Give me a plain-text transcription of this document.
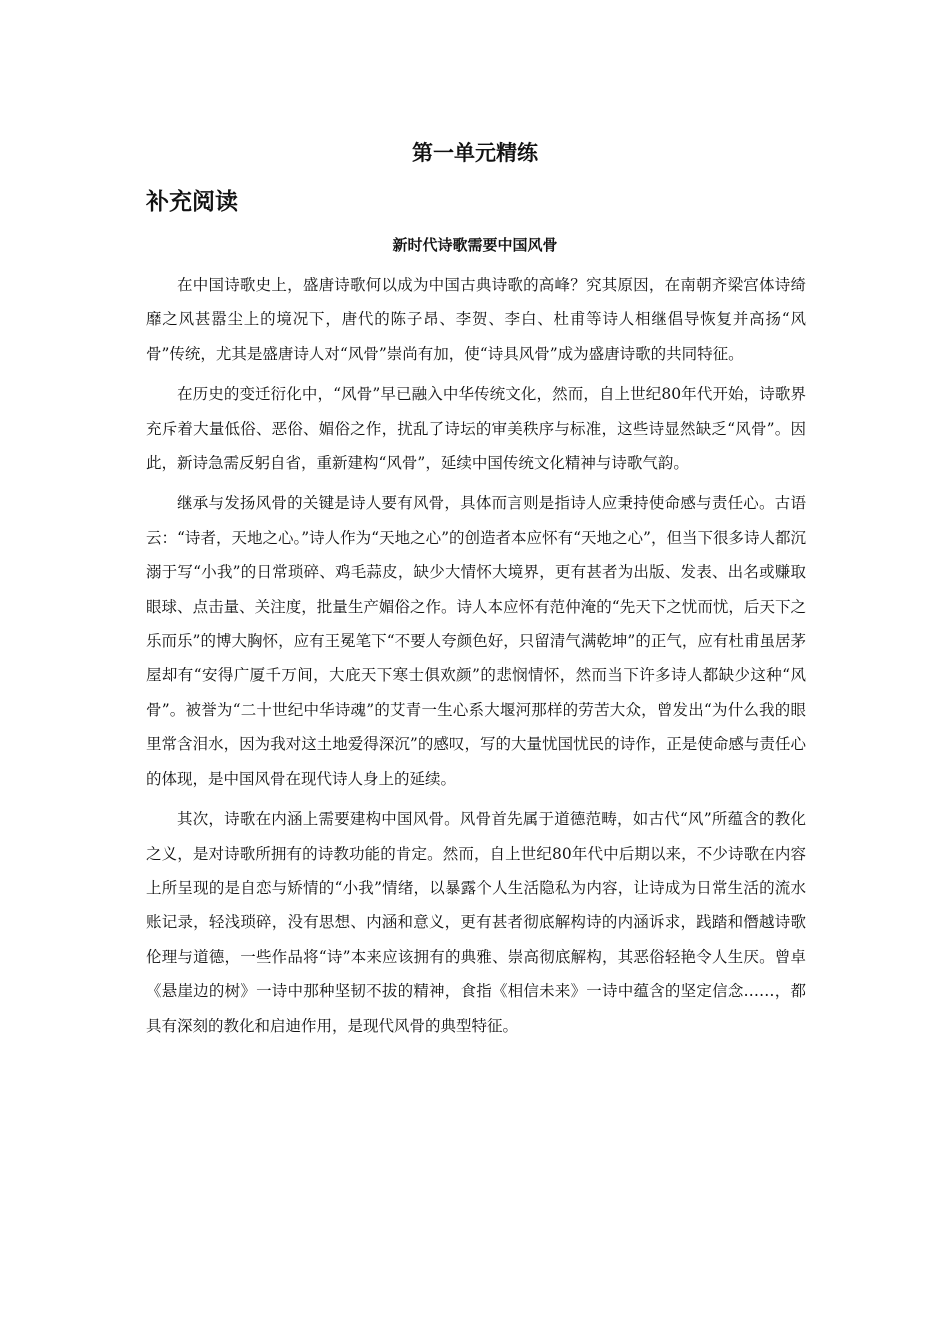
第一单元精练
补充阅读
新时代诗歌需要中国风骨

在中国诗歌史上，盛唐诗歌何以成为中国古典诗歌的高峰？究其原因，在南朝齐梁宫体诗绮靡之风甚嚣尘上的境况下，唐代的陈子昂、李贺、李白、杜甫等诗人相继倡导恢复并高扬“风骨”传统，尤其是盛唐诗人对“风骨”崇尚有加，使“诗具风骨”成为盛唐诗歌的共同特征。

在历史的变迁衍化中，“风骨”早已融入中华传统文化，然而，自上世纪80年代开始，诗歌界充斥着大量低俗、恶俗、媚俗之作，扰乱了诗坛的审美秩序与标准，这些诗显然缺乏“风骨”。因此，新诗急需反躬自省，重新建构“风骨”，延续中国传统文化精神与诗歌气韵。

继承与发扬风骨的关键是诗人要有风骨，具体而言则是指诗人应秉持使命感与责任心。古语云：“诗者，天地之心。”诗人作为“天地之心”的创造者本应怀有“天地之心”，但当下很多诗人都沉溺于写“小我”的日常琐碎、鸡毛蒜皮，缺少大情怀大境界，更有甚者为出版、发表、出名或赚取眼球、点击量、关注度，批量生产媚俗之作。诗人本应怀有范仲淹的“先天下之忧而忧，后天下之乐而乐”的博大胸怀，应有王冕笔下“不要人夸颜色好，只留清气满乾坤”的正气，应有杜甫虽居茅屋却有“安得广厦千万间，大庇天下寒士俱欢颜”的悲悯情怀，然而当下许多诗人都缺少这种“风骨”。被誉为“二十世纪中华诗魂”的艾青一生心系大堰河那样的劳苦大众，曾发出“为什么我的眼里常含泪水，因为我对这土地爱得深沉”的感叹，写的大量忧国忧民的诗作，正是使命感与责任心的体现，是中国风骨在现代诗人身上的延续。

其次，诗歌在内涵上需要建构中国风骨。风骨首先属于道德范畴，如古代“风”所蕴含的教化之义，是对诗歌所拥有的诗教功能的肯定。然而，自上世纪80年代中后期以来，不少诗歌在内容上所呈现的是自恋与矫情的“小我”情绪，以暴露个人生活隐私为内容，让诗成为日常生活的流水账记录，轻浅琐碎，没有思想、内涵和意义，更有甚者彻底解构诗的内涵诉求，践踏和僭越诗歌伦理与道德，一些作品将“诗”本来应该拥有的典雅、崇高彻底解构，其恶俗轻艳令人生厌。曾卓《悬崖边的树》一诗中那种坚韧不拔的精神，食指《相信未来》一诗中蕴含的坚定信念……，都具有深刻的教化和启迪作用，是现代风骨的典型特征。
